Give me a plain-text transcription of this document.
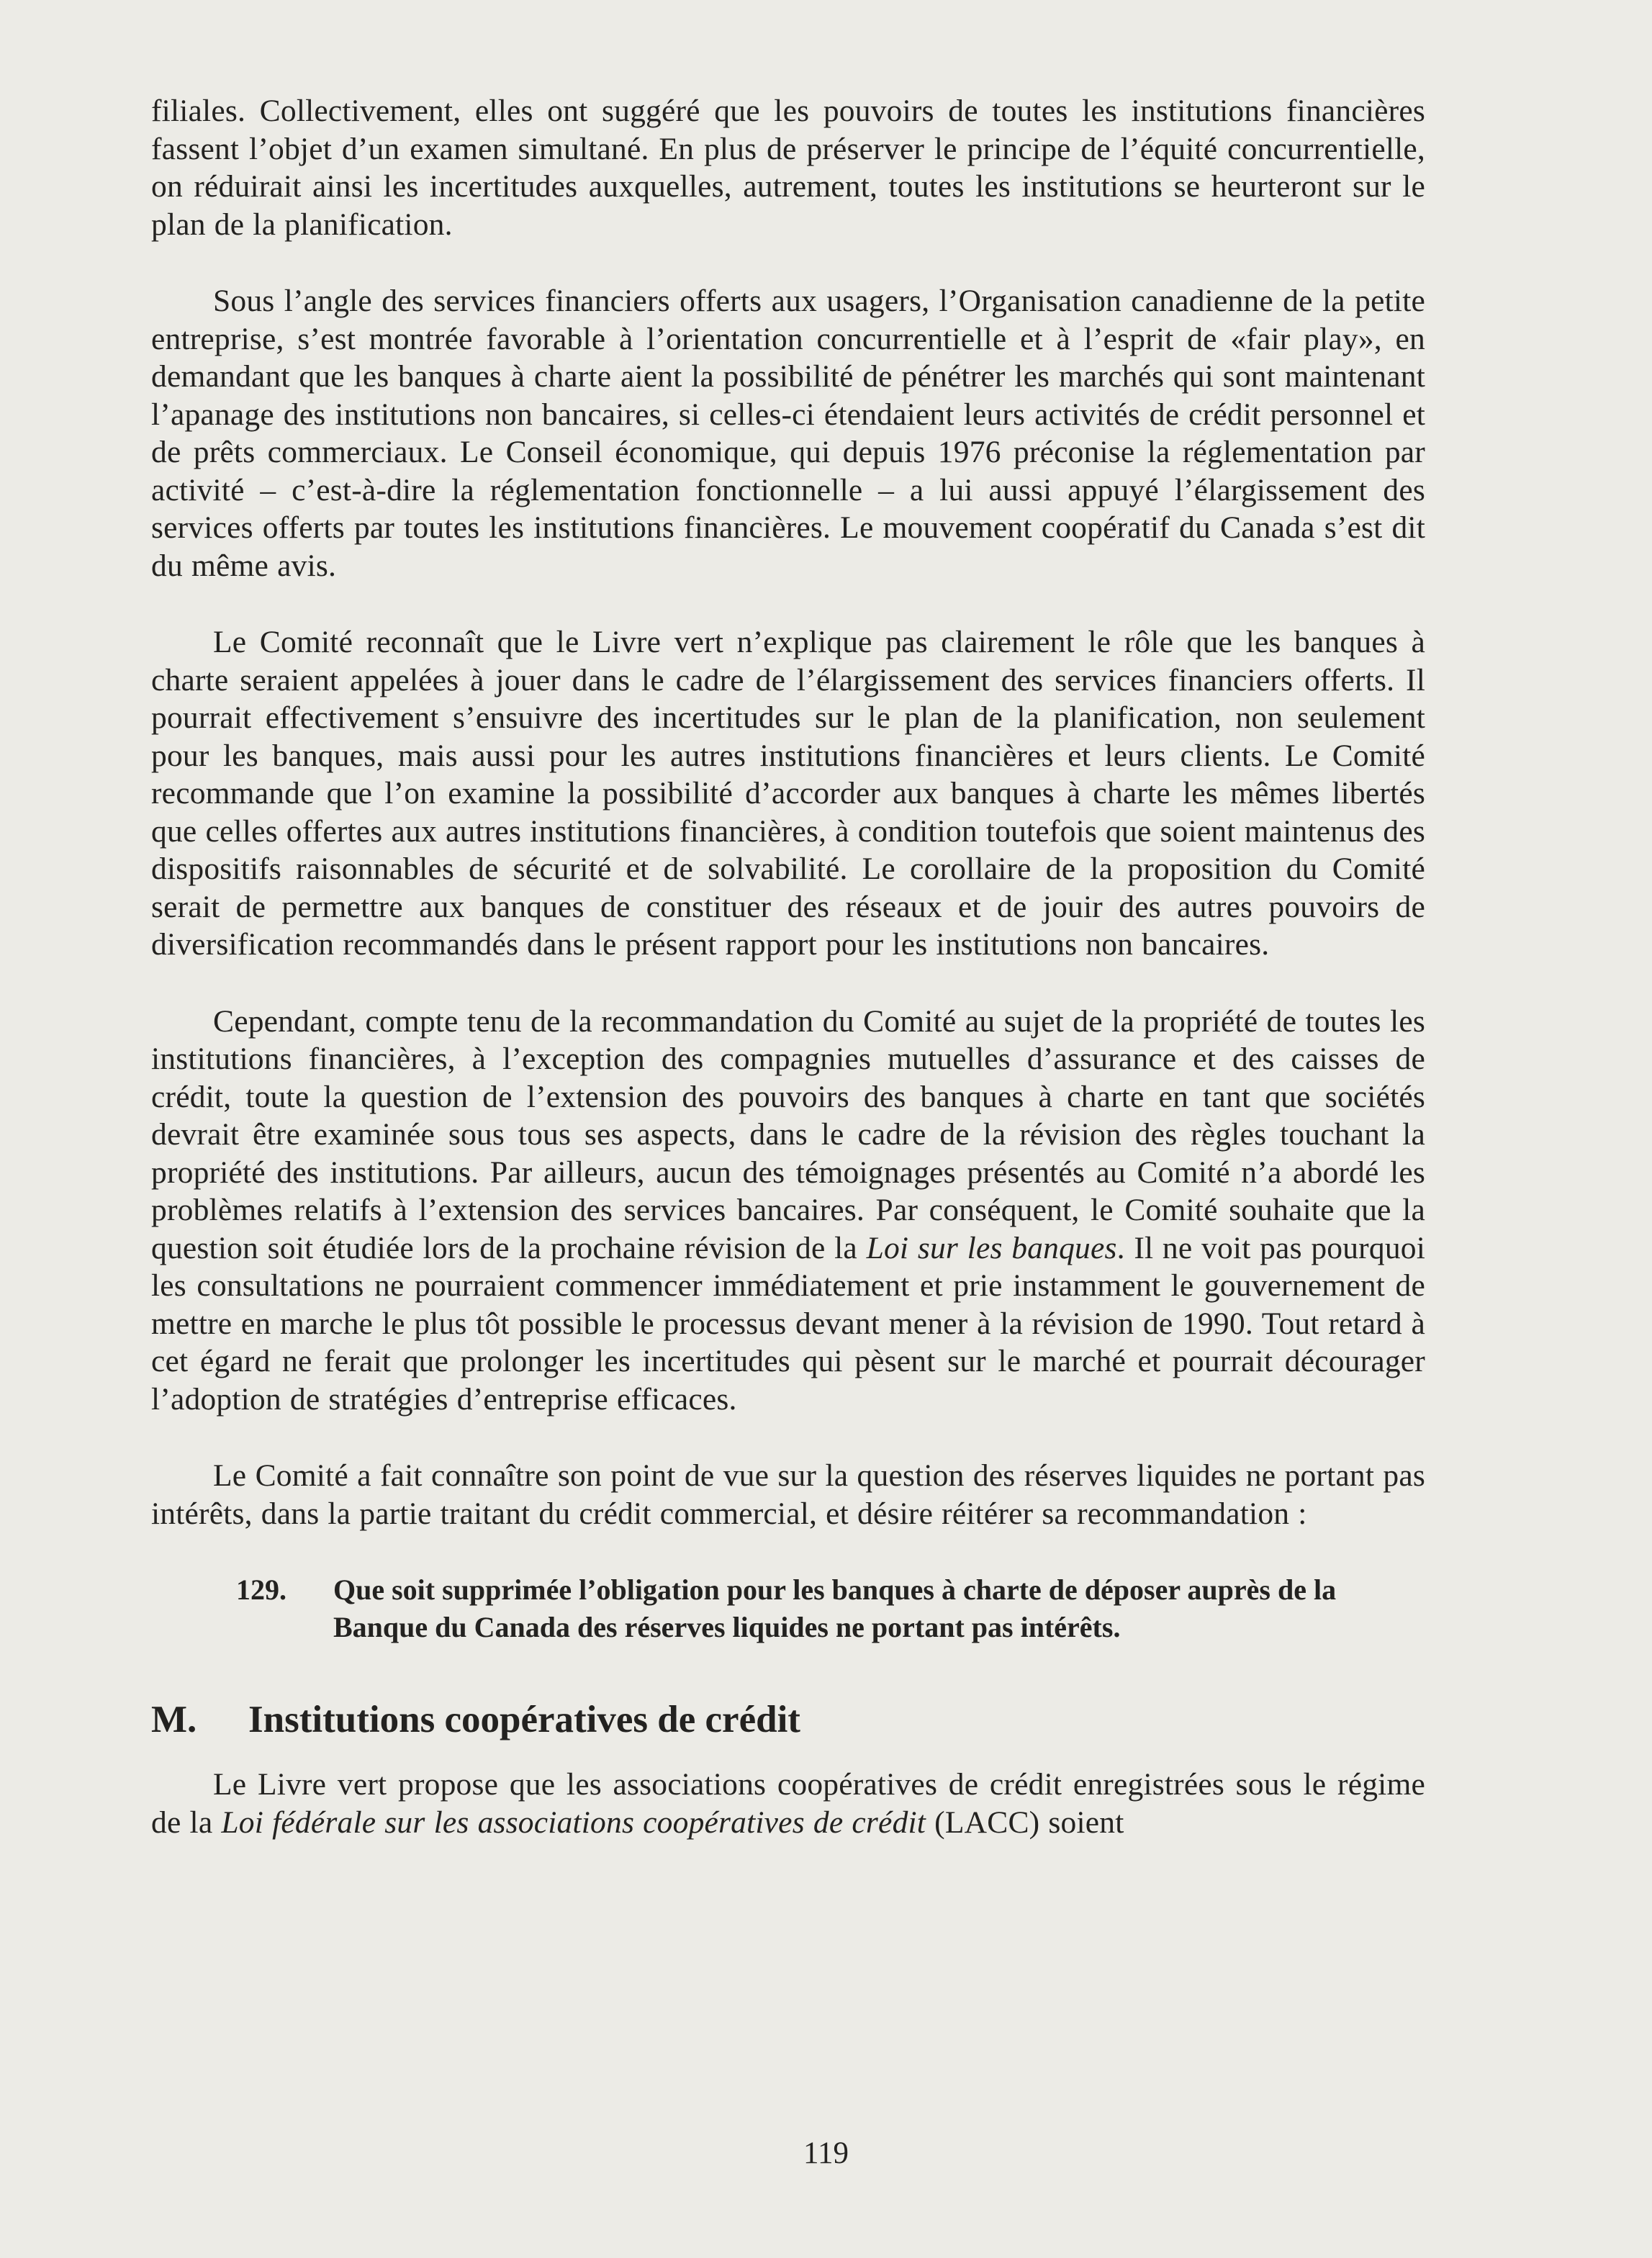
filiales. Collectivement, elles ont suggéré que les pouvoirs de toutes les institutions financières fassent l’objet d’un examen simultané. En plus de préserver le principe de l’équité concurrentielle, on réduirait ainsi les incertitudes auxquelles, autrement, toutes les institutions se heurteront sur le plan de la planification.

Sous l’angle des services financiers offerts aux usagers, l’Organisation canadienne de la petite entreprise, s’est montrée favorable à l’orientation concurrentielle et à l’esprit de «fair play», en demandant que les banques à charte aient la possibilité de pénétrer les marchés qui sont maintenant l’apanage des institutions non bancaires, si celles-ci étendaient leurs activités de crédit personnel et de prêts commerciaux. Le Conseil économique, qui depuis 1976 préconise la réglementation par activité – c’est-à-dire la réglementation fonctionnelle – a lui aussi appuyé l’élargissement des services offerts par toutes les institutions financières. Le mouvement coopératif du Canada s’est dit du même avis.

Le Comité reconnaît que le Livre vert n’explique pas clairement le rôle que les banques à charte seraient appelées à jouer dans le cadre de l’élargissement des services financiers offerts. Il pourrait effectivement s’ensuivre des incertitudes sur le plan de la planification, non seulement pour les banques, mais aussi pour les autres institutions financières et leurs clients. Le Comité recommande que l’on examine la possibilité d’accorder aux banques à charte les mêmes libertés que celles offertes aux autres institutions financières, à condition toutefois que soient maintenus des dispositifs raisonnables de sécurité et de solvabilité. Le corollaire de la proposition du Comité serait de permettre aux banques de constituer des réseaux et de jouir des autres pouvoirs de diversification recommandés dans le présent rapport pour les institutions non bancaires.

Cependant, compte tenu de la recommandation du Comité au sujet de la propriété de toutes les institutions financières, à l’exception des compagnies mutuelles d’assurance et des caisses de crédit, toute la question de l’extension des pouvoirs des banques à charte en tant que sociétés devrait être examinée sous tous ses aspects, dans le cadre de la révision des règles touchant la propriété des institutions. Par ailleurs, aucun des témoignages présentés au Comité n’a abordé les problèmes relatifs à l’extension des services bancaires. Par conséquent, le Comité souhaite que la question soit étudiée lors de la prochaine révision de la Loi sur les banques. Il ne voit pas pourquoi les consultations ne pourraient commencer immédiatement et prie instamment le gouvernement de mettre en marche le plus tôt possible le processus devant mener à la révision de 1990. Tout retard à cet égard ne ferait que prolonger les incertitudes qui pèsent sur le marché et pourrait décourager l’adoption de stratégies d’entreprise efficaces.

Le Comité a fait connaître son point de vue sur la question des réserves liquides ne portant pas intérêts, dans la partie traitant du crédit commercial, et désire réitérer sa recommandation :

129.	Que soit supprimée l’obligation pour les banques à charte de déposer auprès de la Banque du Canada des réserves liquides ne portant pas intérêts.
M.	Institutions coopératives de crédit

Le Livre vert propose que les associations coopératives de crédit enregistrées sous le régime de la Loi fédérale sur les associations coopératives de crédit (LACC) soient

119
